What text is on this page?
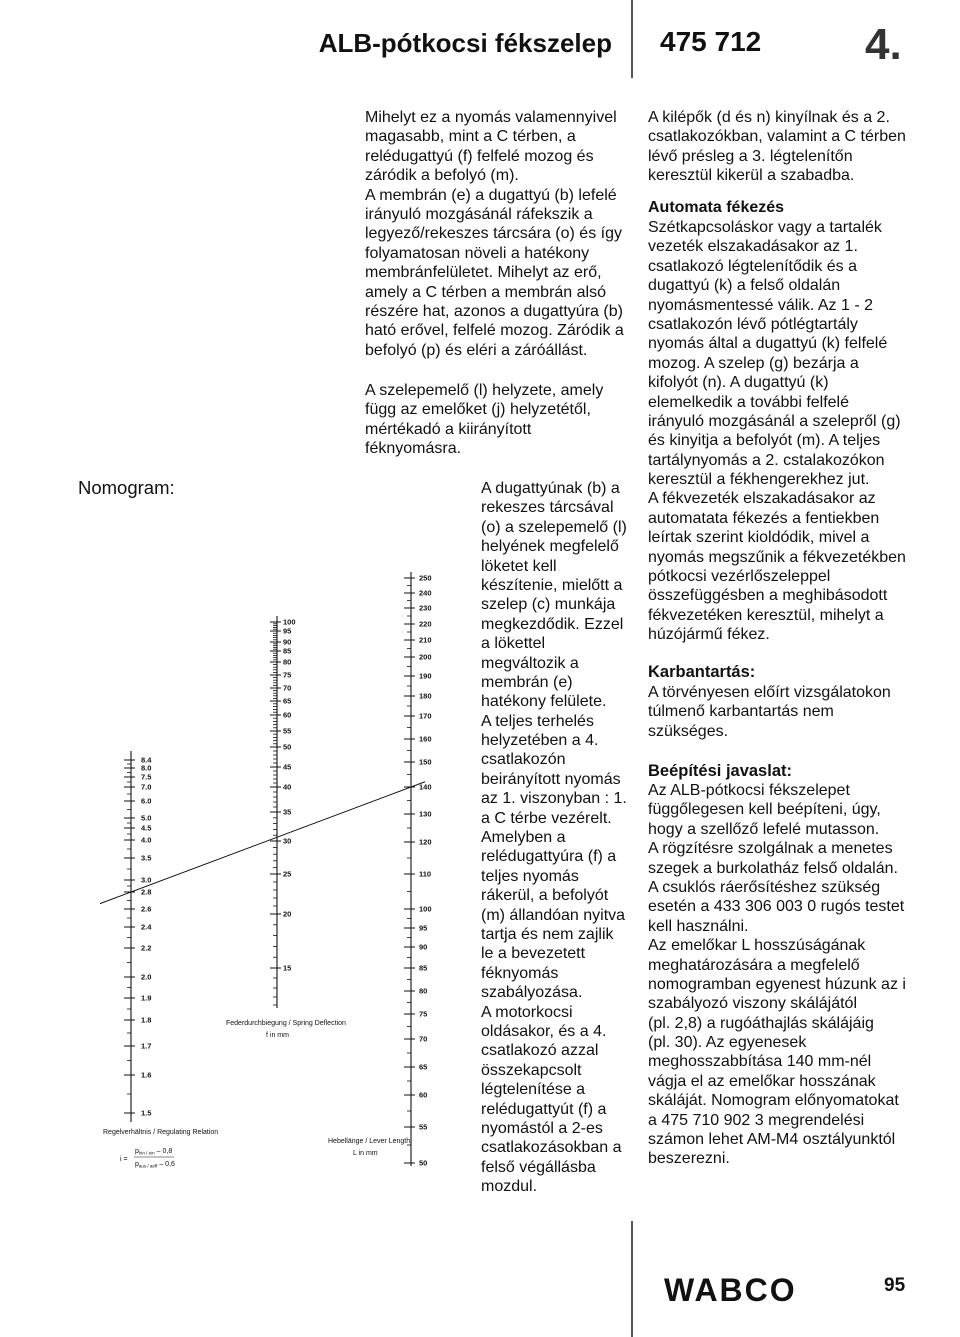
ALB-pótkocsi fékszelep 475 712 4.
Mihelyt ez a nyomás valamennyivel
magasabb, mint a C térben, a
relédugattyú (f) felfelé mozog és
záródik a befolyó (m).
A membrán (e) a dugattyú (b) lefelé
irányuló mozgásánál ráfekszik a
legyező/rekeszes tárcsára (o) és így
folyamatosan növeli a hatékony
membránfelületet. Mihelyt az erő,
amely a C térben a membrán alsó
részére hat, azonos a dugattyúra (b)
ható erővel, felfelé mozog. Záródik a
befolyó (p) és eléri a záróállást.
A szelepemelő (l) helyzete, amely
függ az emelőket (j) helyzetétől,
mértékadó a kiirányított
féknyomásra.
A dugattyúnak (b) a
rekeszes tárcsával
(o) a szelepemelő (l)
helyének megfelelő
löketet kell
készítenie, mielőtt a
szelep (c) munkája
megkezdődik. Ezzel
a lökettel
megváltozik a
membrán (e)
hatékony felülete.
A teljes terhelés
helyzetében a 4.
csatlakozón
beirányított nyomás
az 1. viszonyban : 1.
a C térbe vezérelt.
Amelyben a
relédugattyúra (f) a
teljes nyomás
rákerül, a befolyót
(m) állandóan nyitva
tartja és nem zajlik
le a bevezetett
féknyomás
szabályozása.
A motorkocsi
oldásakor, és a 4.
csatlakozó azzal
összekapcsolt
légtelenítése a
relédugattyút (f) a
nyomástól a 2-es
csatlakozásokban a
felső végállásba
mozdul.
A kilépők (d és n) kinyílnak és a 2.
csatlakozókban, valamint a C térben
lévő présleg a 3. légtelenítőn
keresztül kikerül a szabadba.
Automata fékezés
Szétkapcsoláskor vagy a tartalék
vezeték elszakadásakor az 1.
csatlakozó légtelenítődik és a
dugattyú (k) a felső oldalán
nyomásmentessé válik. Az 1 - 2
csatlakozón lévő pótlégtartály
nyomás által a dugattyú (k) felfelé
mozog. A szelep (g) bezárja a
kifolyót (n). A dugattyú (k)
elemelkedik a további felfelé
irányuló mozgásánál a szelepről (g)
és kinyitja a befolyót (m). A teljes
tartálynyomás a 2. cstalakozókon
keresztül a fékhengerekhez jut.
A fékvezeték elszakadásakor az
automatata fékezés a fentiekben
leírtak szerint kioldódik, mivel a
nyomás megszűnik a fékvezetékben
pótkocsi vezérlőszeleppel
összefüggésben a meghibásodott
fékvezetéken keresztül, mihelyt a
húzójármű fékez.
Karbantartás:
A törvényesen előírt vizsgálatokon
túlmenő karbantartás nem
szükséges.
Beépítési javaslat:
Az ALB-pótkocsi fékszelepet
függőlegesen kell beépíteni, úgy,
hogy a szellőző lefelé mutasson.
A rögzítésre szolgálnak a menetes
szegek a burkolatház felső oldalán.
A csuklós ráerősítéshez szükség
esetén a 433 306 003 0 rugós testet
kell használni.
Az emelőkar L hosszúságának
meghatározására a megfelelő
nomogramban egyenest húzunk az i
szabályozó viszony skálájától
(pl. 2,8) a rugóáthajlás skálájáig
(pl. 30). Az egyenesek
meghosszabbítása 140 mm-nél
vágja el az emelőkar hosszának
skáláját. Nomogram előnyomatokat
a 475 710 902 3 megrendelési
számon lehet AM-M4 osztályunktól
beszerezni.
Nomogram:
Regelverhältnis / Regulating Relation
Federdurchbiegung / Spring Deflection
f in mm
Hebellänge / Lever Length
L in mm
i =
$p_{hin / ein} - 0,8$
$p_{aus / aeff} - 0,6$
8.4
8.0
7.5
7.0
6.0
5.0
4.5
4.0
3.5
3.0
2.8
2.6
2.4
2.2
2.0
1.9
1.8
1.7
1.6
1.5
100
95
90
85
80
75
70
65
60
55
50
45
40
35
30
25
20
15
250
240
230
220
210
200
190
180
170
160
150
140
130
120
110
100
95
90
85
80
75
70
65
60
55
50
WABCO	95
